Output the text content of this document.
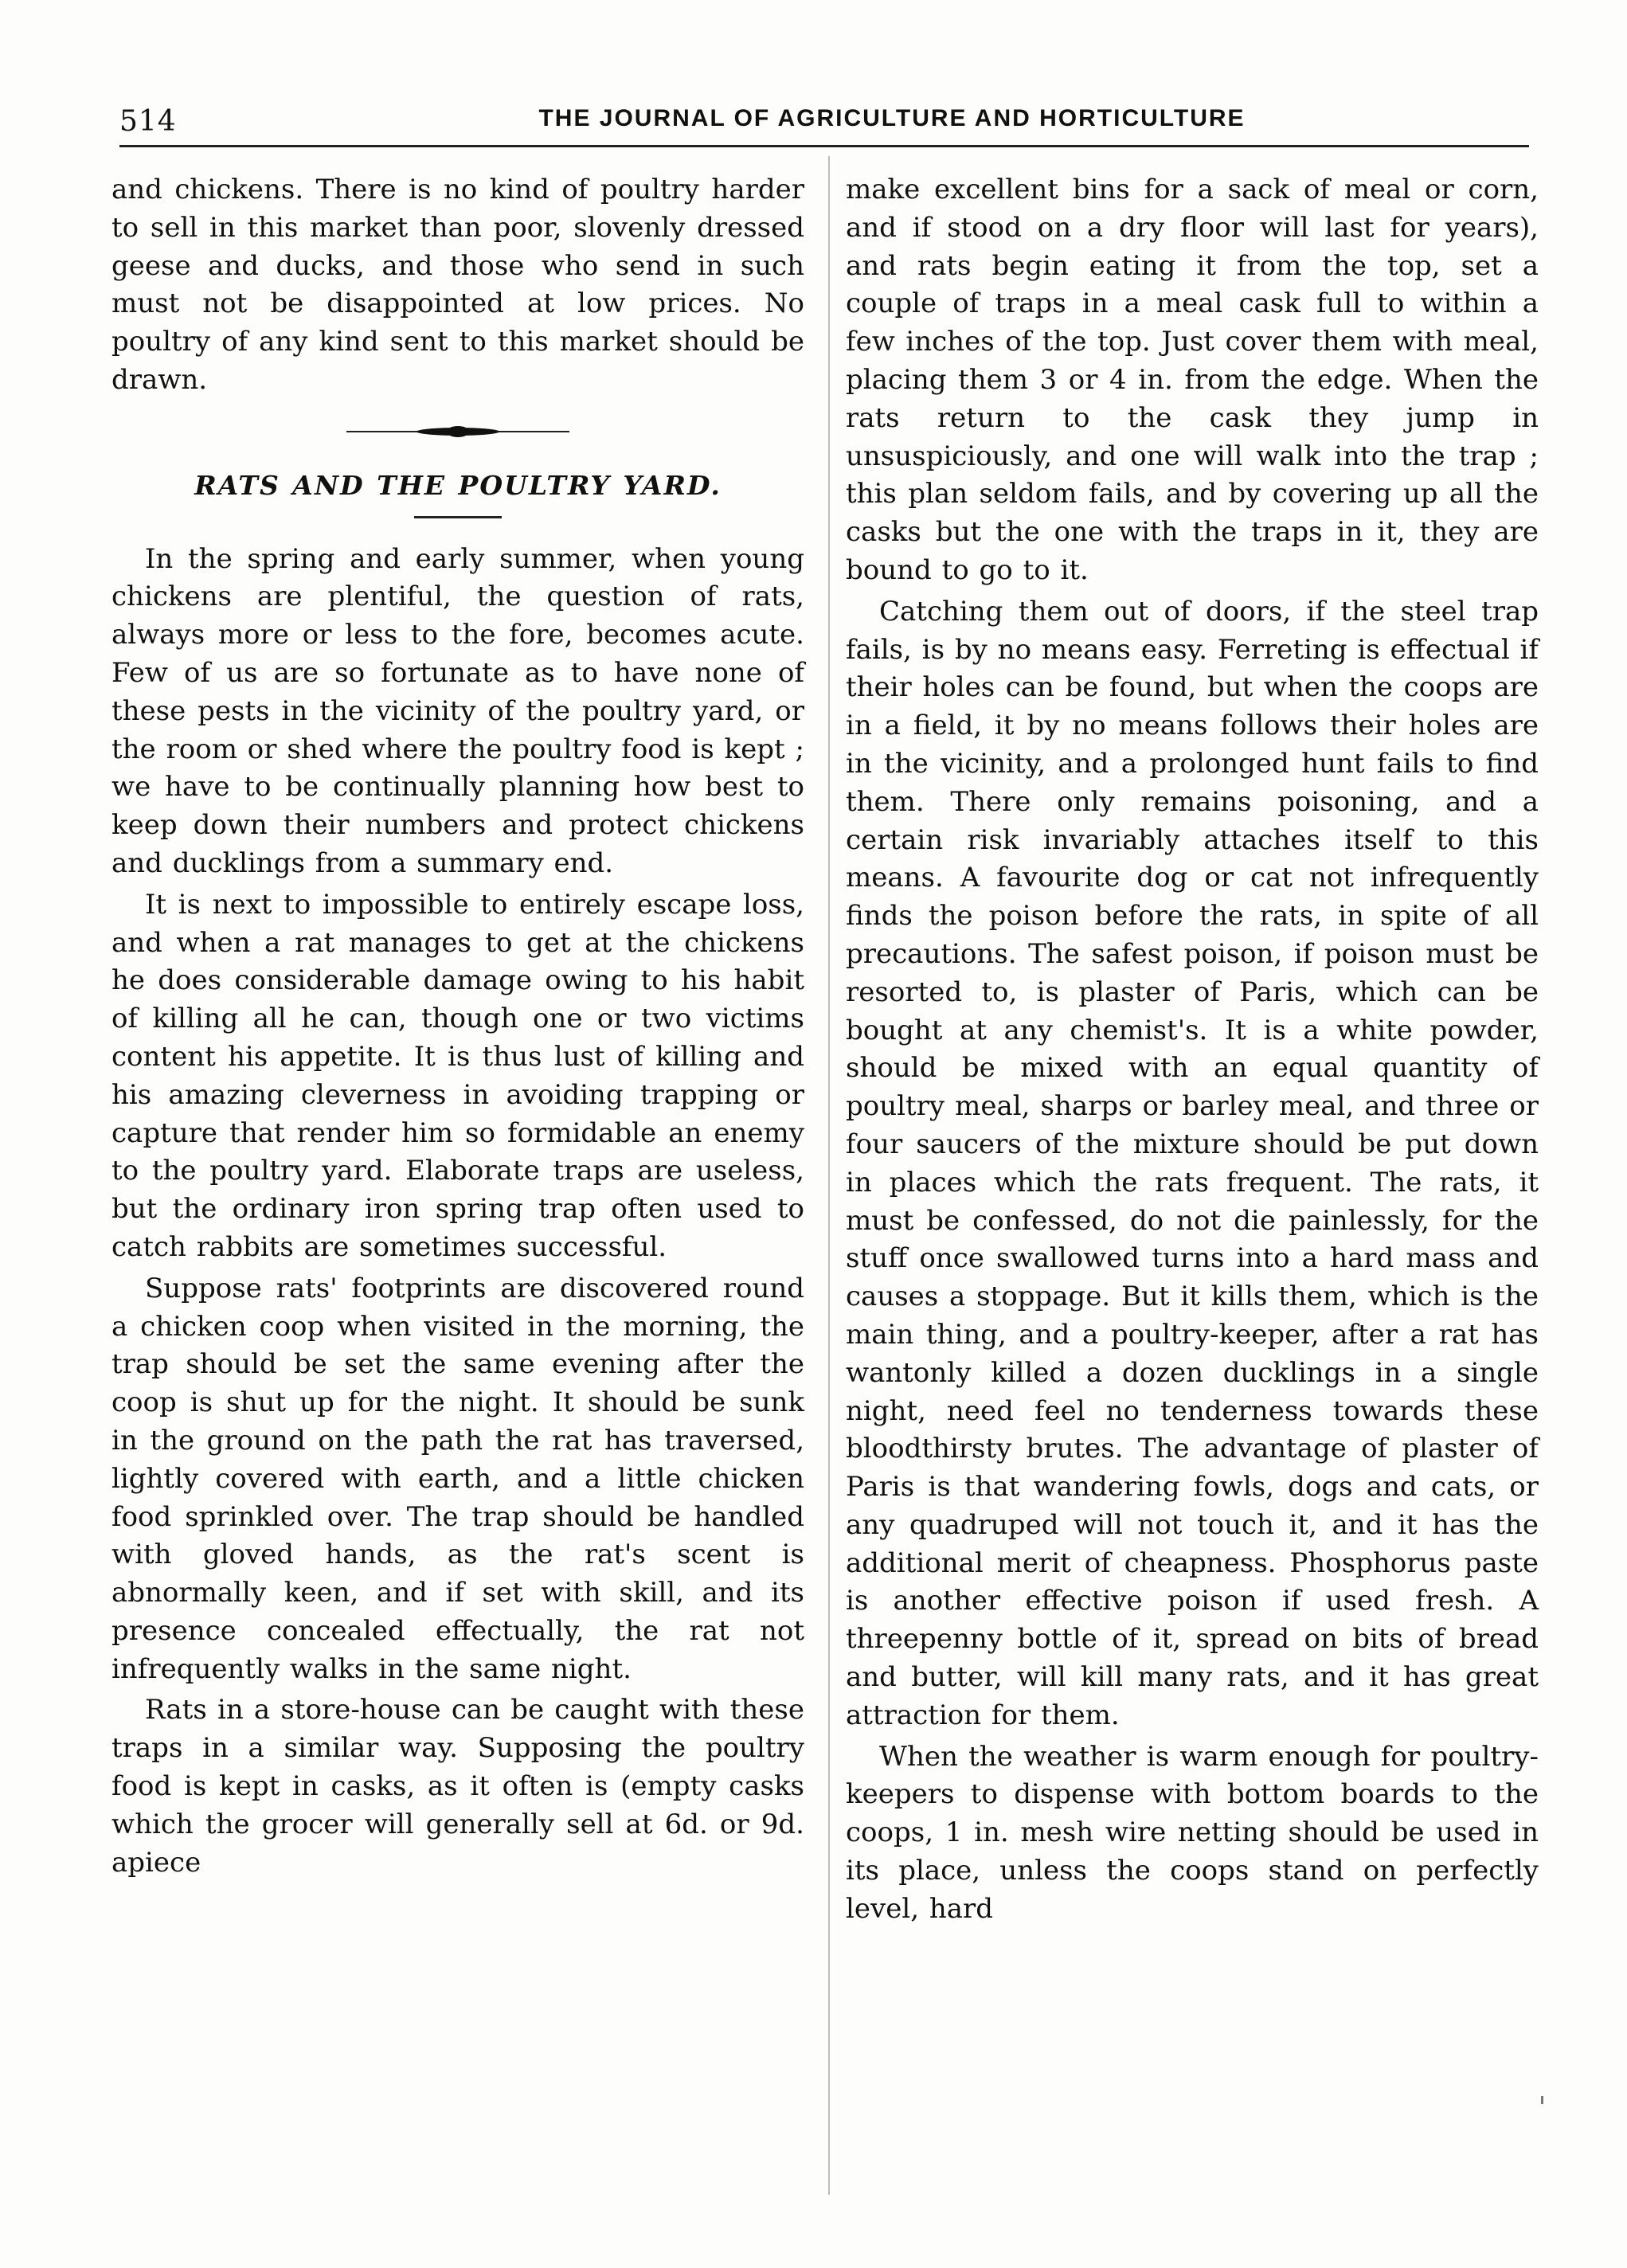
514	THE JOURNAL OF AGRICULTURE AND HORTICULTURE

and chickens. There is no kind of poultry harder to sell in this market than poor, slovenly dressed geese and ducks, and those who send in such must not be disappointed at low prices. No poultry of any kind sent to this market should be drawn.

RATS AND THE POULTRY YARD.

In the spring and early summer, when young chickens are plentiful, the question of rats, always more or less to the fore, becomes acute. Few of us are so fortunate as to have none of these pests in the vicinity of the poultry yard, or the room or shed where the poultry food is kept ; we have to be continually planning how best to keep down their numbers and protect chickens and ducklings from a summary end.

It is next to impossible to entirely escape loss, and when a rat manages to get at the chickens he does considerable damage owing to his habit of killing all he can, though one or two victims content his appetite. It is thus lust of killing and his amazing cleverness in avoiding trapping or capture that render him so formidable an enemy to the poultry yard. Elaborate traps are useless, but the ordinary iron spring trap often used to catch rabbits are sometimes successful.

Suppose rats' footprints are discovered round a chicken coop when visited in the morning, the trap should be set the same evening after the coop is shut up for the night. It should be sunk in the ground on the path the rat has traversed, lightly covered with earth, and a little chicken food sprinkled over. The trap should be handled with gloved hands, as the rat's scent is abnormally keen, and if set with skill, and its presence concealed effectually, the rat not infrequently walks in the same night.

Rats in a store-house can be caught with these traps in a similar way. Supposing the poultry food is kept in casks, as it often is (empty casks which the grocer will generally sell at 6d. or 9d. apiece

make excellent bins for a sack of meal or corn, and if stood on a dry floor will last for years), and rats begin eating it from the top, set a couple of traps in a meal cask full to within a few inches of the top. Just cover them with meal, placing them 3 or 4 in. from the edge. When the rats return to the cask they jump in unsuspiciously, and one will walk into the trap ; this plan seldom fails, and by covering up all the casks but the one with the traps in it, they are bound to go to it.

Catching them out of doors, if the steel trap fails, is by no means easy. Ferreting is effectual if their holes can be found, but when the coops are in a field, it by no means follows their holes are in the vicinity, and a prolonged hunt fails to find them. There only remains poisoning, and a certain risk invariably attaches itself to this means. A favourite dog or cat not infrequently finds the poison before the rats, in spite of all precautions. The safest poison, if poison must be resorted to, is plaster of Paris, which can be bought at any chemist's. It is a white powder, should be mixed with an equal quantity of poultry meal, sharps or barley meal, and three or four saucers of the mixture should be put down in places which the rats frequent. The rats, it must be confessed, do not die painlessly, for the stuff once swallowed turns into a hard mass and causes a stoppage. But it kills them, which is the main thing, and a poultry-keeper, after a rat has wantonly killed a dozen ducklings in a single night, need feel no tenderness towards these bloodthirsty brutes. The advantage of plaster of Paris is that wandering fowls, dogs and cats, or any quadruped will not touch it, and it has the additional merit of cheapness. Phosphorus paste is another effective poison if used fresh. A threepenny bottle of it, spread on bits of bread and butter, will kill many rats, and it has great attraction for them.

When the weather is warm enough for poultry-keepers to dispense with bottom boards to the coops, 1 in. mesh wire netting should be used in its place, unless the coops stand on perfectly level, hard
